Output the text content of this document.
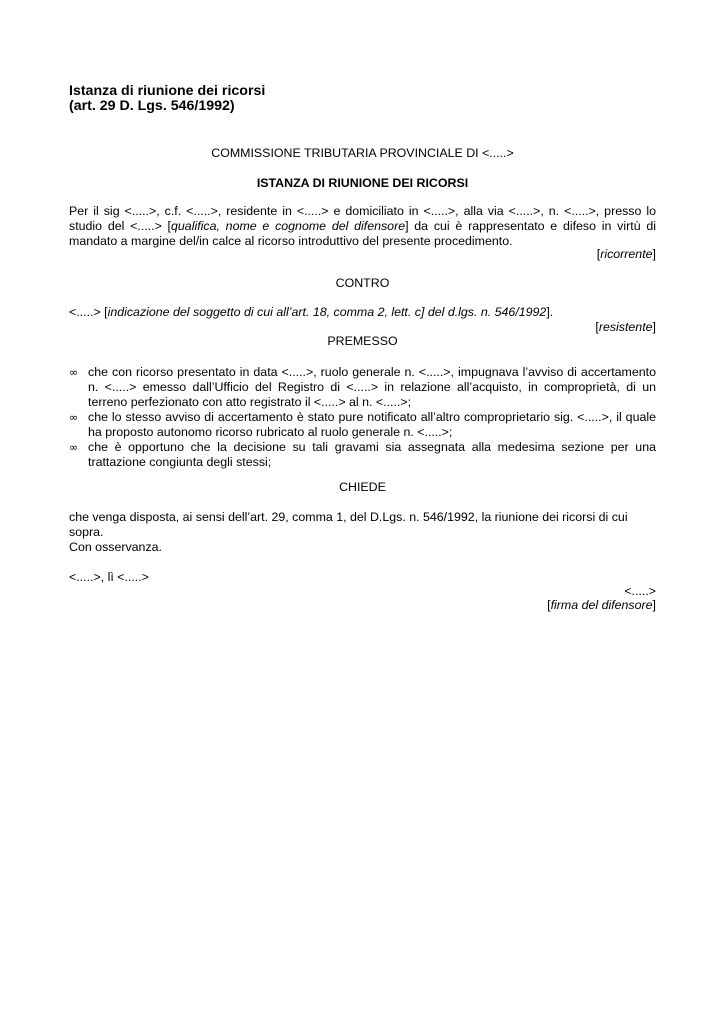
Istanza di riunione dei ricorsi
(art. 29 D. Lgs. 546/1992)
COMMISSIONE TRIBUTARIA PROVINCIALE DI <.....>
ISTANZA DI RIUNIONE DEI RICORSI
Per il sig <.....>, c.f. <.....>, residente in <.....> e domiciliato in <.....>, alla via <.....>, n. <.....>, presso lo studio del <.....> [qualifica, nome e cognome del difensore] da cui è rappresentato e difeso in virtù di mandato a margine del/in calce al ricorso introduttivo del presente procedimento.
[ricorrente]
CONTRO
<.....> [indicazione del soggetto di cui all’art. 18, comma 2, lett. c] del d.lgs. n. 546/1992].
[resistente]
PREMESSO
∞ che con ricorso presentato in data <.....>, ruolo generale n. <.....>, impugnava l’avviso di accertamento n. <.....> emesso dall’Ufficio del Registro di <.....> in relazione all’acquisto, in comproprietà, di un terreno perfezionato con atto registrato il <.....> al n. <.....>;
∞ che lo stesso avviso di accertamento è stato pure notificato all’altro comproprietario sig. <.....>, il quale ha proposto autonomo ricorso rubricato al ruolo generale n. <.....>;
∞ che è opportuno che la decisione su tali gravami sia assegnata alla medesima sezione per una trattazione congiunta degli stessi;
CHIEDE
che venga disposta, ai sensi dell’art. 29, comma 1, del D.Lgs. n. 546/1992, la riunione dei ricorsi di cui sopra.
Con osservanza.
<.....>, lì <.....>
<.....>
[firma del difensore]
